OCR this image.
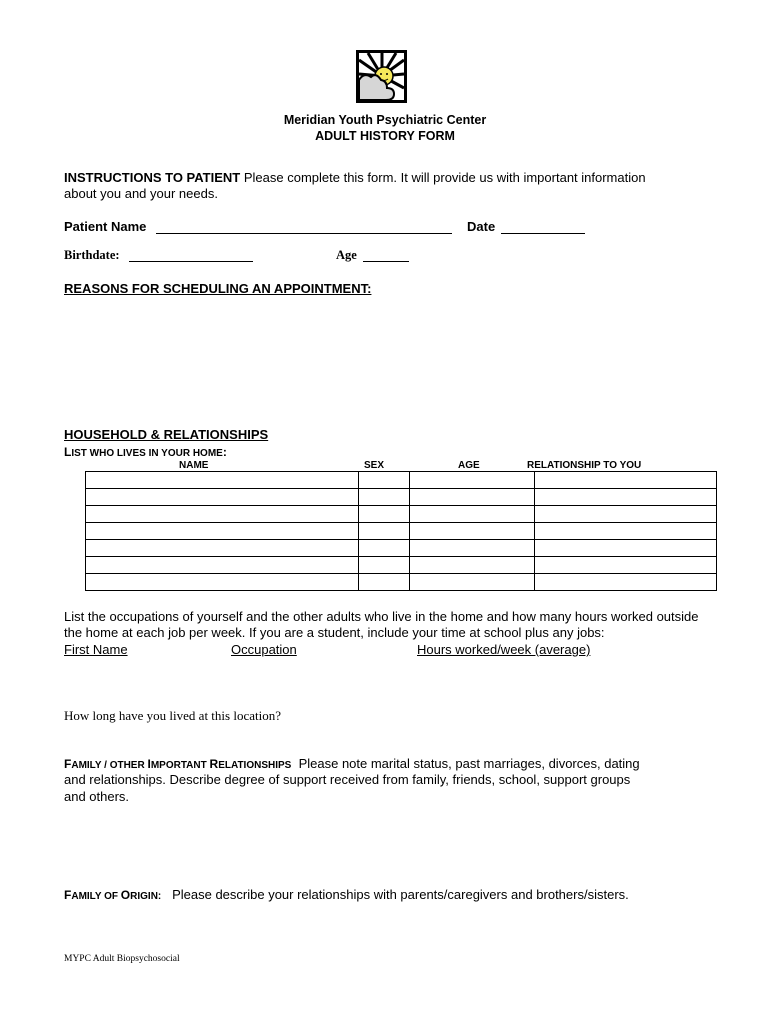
Meridian Youth Psychiatric Center
ADULT HISTORY FORM
INSTRUCTIONS TO PATIENT Please complete this form. It will provide us with important information
about you and your needs.
Patient Name	Date
Birthdate:	Age
REASONS FOR SCHEDULING AN APPOINTMENT:
HOUSEHOLD & RELATIONSHIPS
LIST WHO LIVES IN YOUR HOME:
NAME	SEX	AGE	RELATIONSHIP TO YOU

List the occupations of yourself and the other adults who live in the home and how many hours worked outside
the home at each job per week. If you are a student, include your time at school plus any jobs:
First Name	Occupation	Hours worked/week (average)
How long have you lived at this location?
FAMILY / OTHER IMPORTANT RELATIONSHIPS Please note marital status, past marriages, divorces, dating
and relationships. Describe degree of support received from family, friends, school, support groups
and others.
FAMILY OF ORIGIN: Please describe your relationships with parents/caregivers and brothers/sisters.
MYPC Adult Biopsychosocial
